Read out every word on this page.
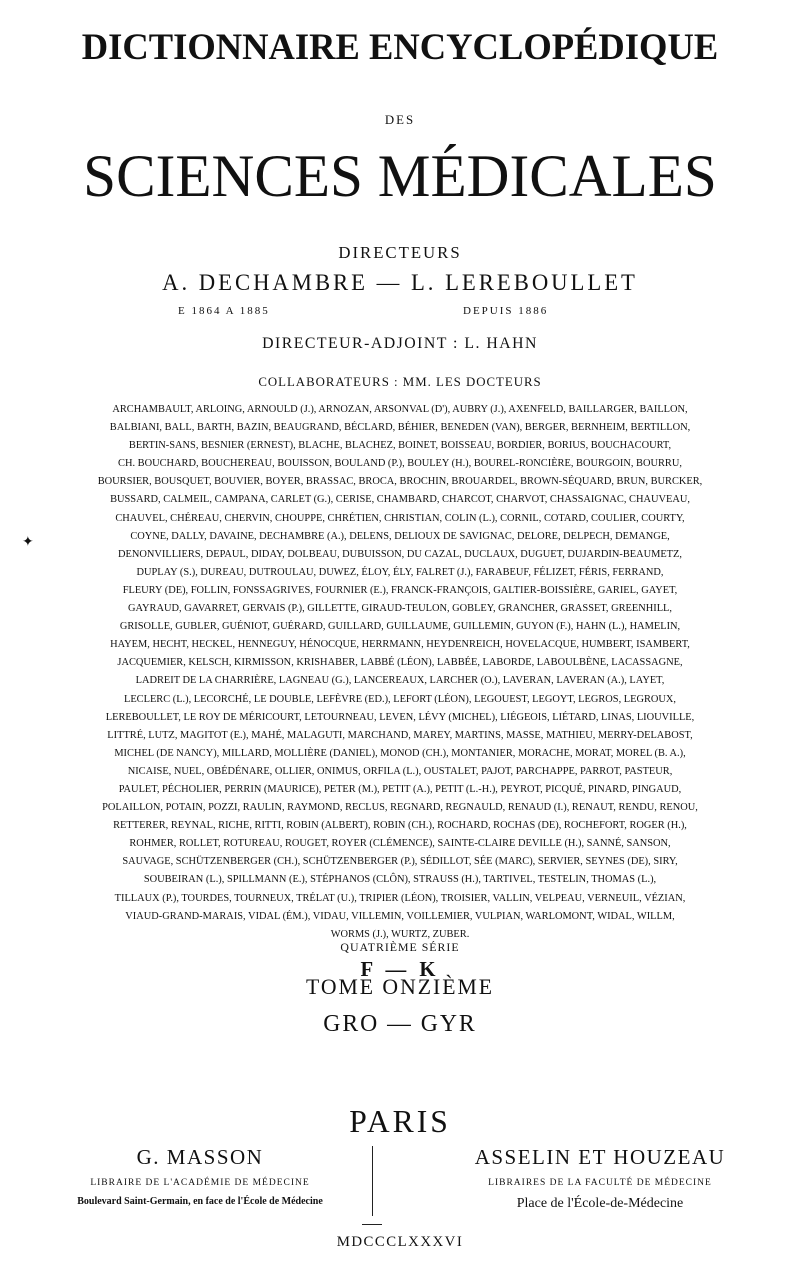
DICTIONNAIRE ENCYCLOPÉDIQUE
DES
SCIENCES MÉDICALES
DIRECTEURS
A. DECHAMBRE — L. LEREBOULLET
E 1864 A 1885	DEPUIS 1886
DIRECTEUR-ADJOINT : L. HAHN
COLLABORATEURS : MM. LES DOCTEURS
ARCHAMBAULT, ARLOING, ARNOULD (J.), ARNOZAN, ARSONVAL (D'), AUBRY (J.), AXENFELD, BAILLARGER, BAILLON,
BALBIANI, BALL, BARTH, BAZIN, BEAUGRAND, BÉCLARD, BÉHIER, BENEDEN (VAN), BERGER, BERNHEIM, BERTILLON,
BERTIN-SANS, BESNIER (ERNEST), BLACHE, BLACHEZ, BOINET, BOISSEAU, BORDIER, BORIUS, BOUCHACOURT,
CH. BOUCHARD, BOUCHEREAU, BOUISSON, BOULAND (P.), BOULEY (H.), BOUREL-RONCIÈRE, BOURGOIN, BOURRU,
BOURSIER, BOUSQUET, BOUVIER, BOYER, BRASSAC, BROCA, BROCHIN, BROUARDEL, BROWN-SÉQUARD, BRUN, BURCKER,
BUSSARD, CALMEIL, CAMPANA, CARLET (G.), CERISE, CHAMBARD, CHARCOT, CHARVOT, CHASSAIGNAC, CHAUVEAU,
CHAUVEL, CHÉREAU, CHERVIN, CHOUPPE, CHRÉTIEN, CHRISTIAN, COLIN (L.), CORNIL, COTARD, COULIER, COURTY,
COYNE, DALLY, DAVAINE, DECHAMBRE (A.), DELENS, DELIOUX DE SAVIGNAC, DELORE, DELPECH, DEMANGE,
DENONVILLIERS, DEPAUL, DIDAY, DOLBEAU, DUBUISSON, DU CAZAL, DUCLAUX, DUGUET, DUJARDIN-BEAUMETZ,
DUPLAY (S.), DUREAU, DUTROULAU, DUWEZ, ÉLOY, ÉLY, FALRET (J.), FARABEUF, FÉLIZET, FÉRIS, FERRAND,
FLEURY (DE), FOLLIN, FONSSAGRIVES, FOURNIER (E.), FRANCK-FRANÇOIS, GALTIER-BOISSIÈRE, GARIEL, GAYET,
GAYRAUD, GAVARRET, GERVAIS (P.), GILLETTE, GIRAUD-TEULON, GOBLEY, GRANCHER, GRASSET, GREENHILL,
GRISOLLE, GUBLER, GUÉNIOT, GUÉRARD, GUILLARD, GUILLAUME, GUILLEMIN, GUYON (F.), HAHN (L.), HAMELIN,
HAYEM, HECHT, HECKEL, HENNEGUY, HÉNOCQUE, HERRMANN, HEYDENREICH, HOVELACQUE, HUMBERT, ISAMBERT,
JACQUEMIER, KELSCH, KIRMISSON, KRISHABER, LABBÉ (LÉON), LABBÉE, LABORDE, LABOULBÈNE, LACASSAGNE,
LADREIT DE LA CHARRIÈRE, LAGNEAU (G.), LANCEREAUX, LARCHER (O.), LAVERAN, LAVERAN (A.), LAYET,
LECLERC (L.), LECORCHÉ, LE DOUBLE, LEFÈVRE (ED.), LEFORT (LÉON), LEGOUEST, LEGOYT, LEGROS, LEGROUX,
LEREBOULLET, LE ROY DE MÉRICOURT, LETOURNEAU, LEVEN, LÉVY (MICHEL), LIÉGEOIS, LIÉTARD, LINAS, LIOUVILLE,
LITTRÉ, LUTZ, MAGITOT (E.), MAHÉ, MALAGUTI, MARCHAND, MAREY, MARTINS, MASSE, MATHIEU, MERRY-DELABOST,
MICHEL (DE NANCY), MILLARD, MOLLIÈRE (DANIEL), MONOD (CH.), MONTANIER, MORACHE, MORAT, MOREL (B. A.),
NICAISE, NUEL, OBÉDÉNARE, OLLIER, ONIMUS, ORFILA (L.), OUSTALET, PAJOT, PARCHAPPE, PARROT, PASTEUR,
PAULET, PÉCHOLIER, PERRIN (MAURICE), PETER (M.), PETIT (A.), PETIT (L.-H.), PEYROT, PICQUÉ, PINARD, PINGAUD,
POLAILLON, POTAIN, POZZI, RAULIN, RAYMOND, RECLUS, REGNARD, REGNAULD, RENAUD (I.), RENAUT, RENDU, RENOU,
RETTERER, REYNAL, RICHE, RITTI, ROBIN (ALBERT), ROBIN (CH.), ROCHARD, ROCHAS (DE), ROCHEFORT, ROGER (H.),
ROHMER, ROLLET, ROTUREAU, ROUGET, ROYER (CLÉMENCE), SAINTE-CLAIRE DEVILLE (H.), SANNÉ, SANSON,
SAUVAGE, SCHÜTZENBERGER (CH.), SCHÜTZENBERGER (P.), SÉDILLOT, SÉE (MARC), SERVIER, SEYNES (DE), SIRY,
SOUBEIRAN (L.), SPILLMANN (E.), STÉPHANOS (CLÔN), STRAUSS (H.), TARTIVEL, TESTELIN, THOMAS (L.),
TILLAUX (P.), TOURDES, TOURNEUX, TRÉLAT (U.), TRIPIER (LÉON), TROISIER, VALLIN, VELPEAU, VERNEUIL, VÉZIAN,
VIAUD-GRAND-MARAIS, VIDAL (ÉM.), VIDAU, VILLEMIN, VOILLEMIER, VULPIAN, WARLOMONT, WIDAL, WILLM,
WORMS (J.), WURTZ, ZUBER.
✦
QUATRIÈME SÉRIE
F — K
TOME ONZIÈME
GRO — GYR
PARIS
G. MASSON
LIBRAIRE DE L'ACADÉMIE DE MÉDECINE
Boulevard Saint-Germain, en face de l'École de Médecine
ASSELIN ET HOUZEAU
LIBRAIRES DE LA FACULTÉ DE MÉDECINE
Place de l'École-de-Médecine
MDCCCLXXXVI
